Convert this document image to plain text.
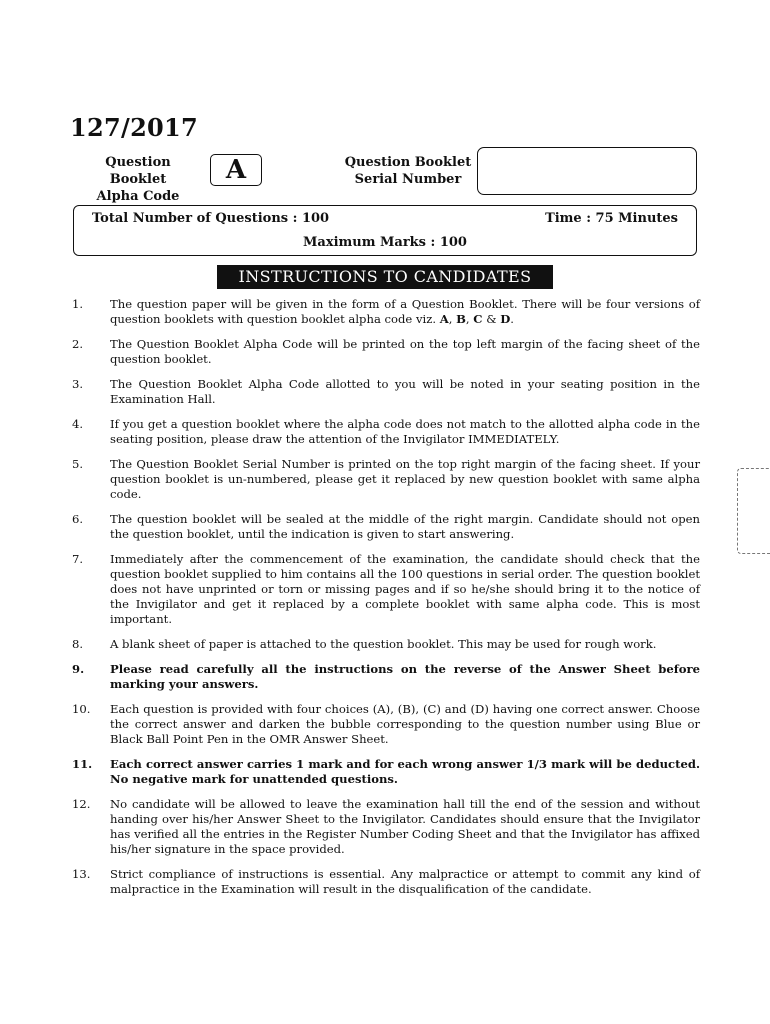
127/2017
Question Booklet
Alpha Code
A	Question Booklet
Serial Number
Total Number of Questions : 100	Time : 75 Minutes
Maximum Marks : 100
INSTRUCTIONS TO CANDIDATES
1. The question paper will be given in the form of a Question Booklet. There will be four versions of question booklets with question booklet alpha code viz. A, B, C & D.
2. The Question Booklet Alpha Code will be printed on the top left margin of the facing sheet of the question booklet.
3. The Question Booklet Alpha Code allotted to you will be noted in your seating position in the Examination Hall.
4. If you get a question booklet where the alpha code does not match to the allotted alpha code in the seating position, please draw the attention of the Invigilator IMMEDIATELY.
5. The Question Booklet Serial Number is printed on the top right margin of the facing sheet. If your question booklet is un-numbered, please get it replaced by new question booklet with same alpha code.
6. The question booklet will be sealed at the middle of the right margin. Candidate should not open the question booklet, until the indication is given to start answering.
7. Immediately after the commencement of the examination, the candidate should check that the question booklet supplied to him contains all the 100 questions in serial order. The question booklet does not have unprinted or torn or missing pages and if so he/she should bring it to the notice of the Invigilator and get it replaced by a complete booklet with same alpha code. This is most important.
8. A blank sheet of paper is attached to the question booklet. This may be used for rough work.
9. Please read carefully all the instructions on the reverse of the Answer Sheet before marking your answers.
10. Each question is provided with four choices (A), (B), (C) and (D) having one correct answer. Choose the correct answer and darken the bubble corresponding to the question number using Blue or Black Ball Point Pen in the OMR Answer Sheet.
11. Each correct answer carries 1 mark and for each wrong answer 1/3 mark will be deducted. No negative mark for unattended questions.
12. No candidate will be allowed to leave the examination hall till the end of the session and without handing over his/her Answer Sheet to the Invigilator. Candidates should ensure that the Invigilator has verified all the entries in the Register Number Coding Sheet and that the Invigilator has affixed his/her signature in the space provided.
13. Strict compliance of instructions is essential. Any malpractice or attempt to commit any kind of malpractice in the Examination will result in the disqualification of the candidate.
